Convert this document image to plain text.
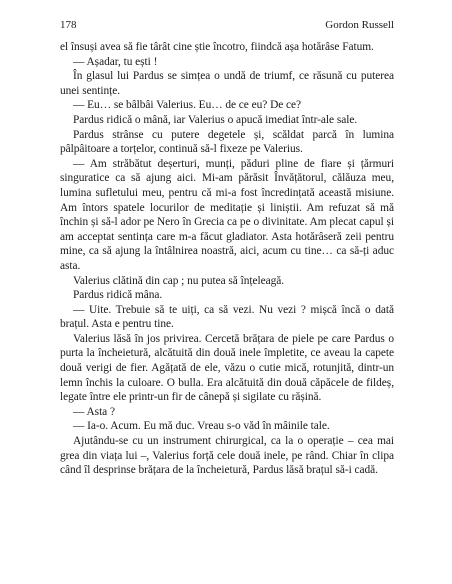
178	Gordon Russell

el însuși avea să fie târât cine știe încotro, fiindcă așa hotărâse Fatum.

— Așadar, tu ești !

În glasul lui Pardus se simțea o undă de triumf, ce răsună cu puterea unei sentințe.

— Eu… se bâlbâi Valerius. Eu… de ce eu? De ce?

Pardus ridică o mână, iar Valerius o apucă imediat într-ale sale.

Pardus strânse cu putere degetele și, scăldat parcă în lumina pâlpâitoare a torțelor, continuă să-l fixeze pe Valerius.

— Am străbătut deșerturi, munți, păduri pline de fiare și țărmuri singuratice ca să ajung aici. Mi-am părăsit Învățătorul, călăuza meu, lumina sufletului meu, pentru că mi-a fost încredințată această misiune. Am întors spatele locurilor de meditație și liniștii. Am refuzat să mă închin și să-l ador pe Nero în Grecia ca pe o divinitate. Am plecat capul și am acceptat sentința care m-a făcut gladiator. Asta hotărâseră zeii pentru mine, ca să ajung la întâlnirea noastră, aici, acum cu tine… ca să-ți aduc asta.

Valerius clătină din cap ; nu putea să înțeleagă.

Pardus ridică mâna.

— Uite. Trebuie să te uiți, ca să vezi. Nu vezi ? mișcă încă o dată brațul. Asta e pentru tine.

Valerius lăsă în jos privirea. Cercetă brățara de piele pe care Pardus o purta la încheietură, alcătuită din două inele împletite, ce aveau la capete două verigi de fier. Agățată de ele, văzu o cutie mică, rotunjită, dintr-un lemn închis la culoare. O bulla. Era alcătuită din două căpăcele de fildeș, legate între ele printr-un fir de cânepă și sigilate cu rășină.

— Asta ?

— Ia-o. Acum. Eu mă duc. Vreau s-o văd în mâinile tale.

Ajutându-se cu un instrument chirurgical, ca la o operație – cea mai grea din viața lui –, Valerius forță cele două inele, pe rând. Chiar în clipa când îl desprinse brățara de la încheietură, Pardus lăsă brațul să-i cadă.
